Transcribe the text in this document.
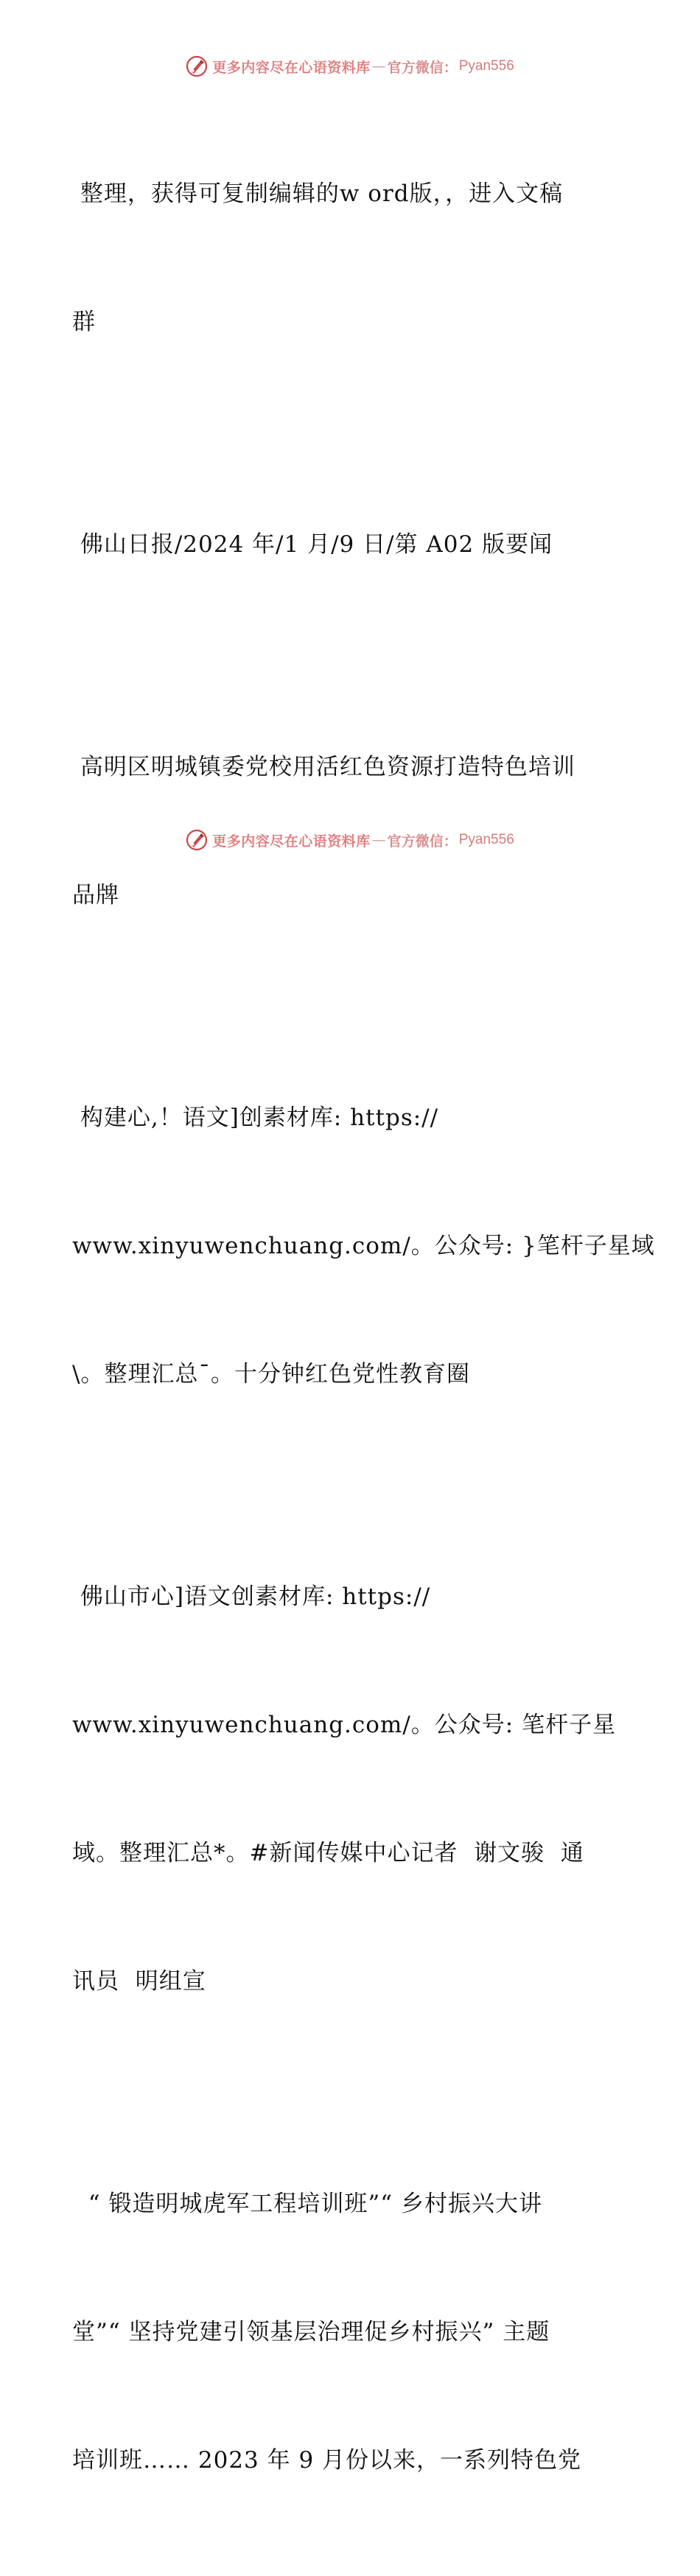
更多内容尽在心语资料库 — 官方微信： Pyan556

整理，获得可复制编辑的w ord版，，进入文稿

群

佛山日报/2024 年/1 月/9 日/第 A02 版要闻

高明区明城镇委党校用活红色资源打造特色培训

品牌

构建心,！语文]创素材库: https://

www.xinyuwenchuang.com/。公众号: }笔杆子星域

\。整理汇总¯。十分钟红色党性教育圈

佛山市心]语文创素材库: https://

www.xinyuwenchuang.com/。公众号: 笔杆子星

域。整理汇总*。#新闻传媒中心记者  谢文骏  通

讯员  明组宣

“ 锻造明城虎军工程培训班”“ 乡村振兴大讲

堂”“ 坚持党建引领基层治理促乡村振兴” 主题

培训班…… 2023 年 9 月份以来，一系列特色党

更多内容尽在心语资料库 — 官方微信： Pyan556
